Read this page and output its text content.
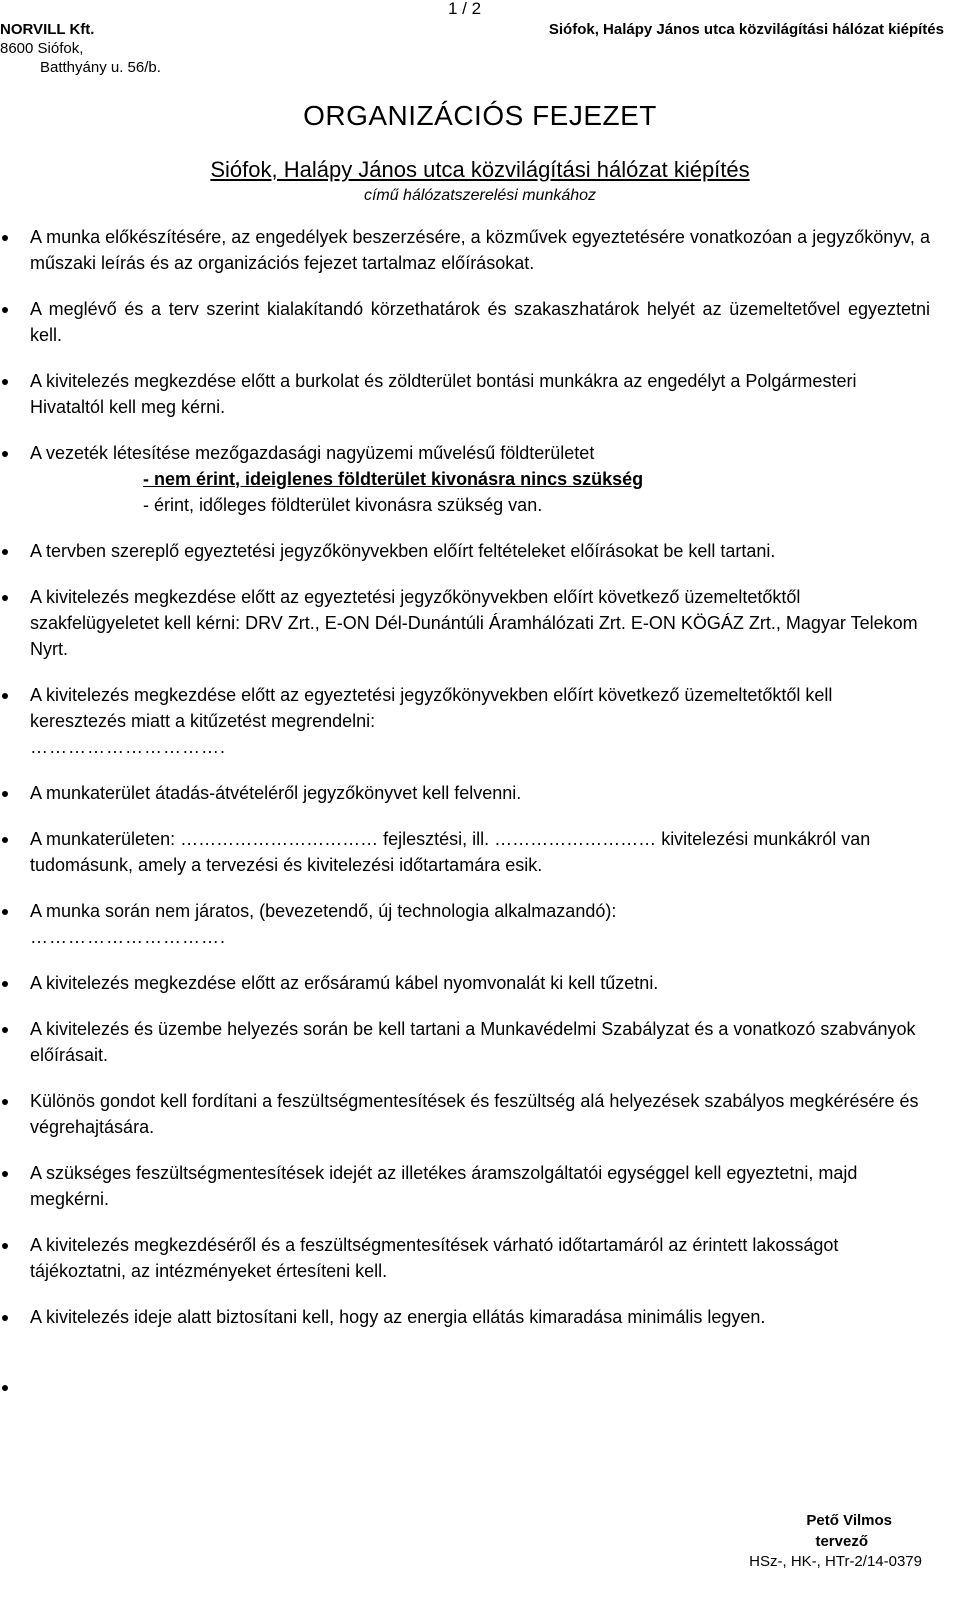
NORVILL Kft.
8600 Siófok,
Batthyány u. 56/b.
1 / 2
Siófok, Halápy János utca közvilágítási hálózat kiépítés
ORGANIZÁCIÓS FEJEZET
Siófok, Halápy János utca közvilágítási hálózat kiépítés
című hálózatszerelési munkához
A munka előkészítésére, az engedélyek beszerzésére, a közművek egyeztetésére vonatkozóan a jegyzőkönyv, a műszaki leírás és az organizációs fejezet tartalmaz előírásokat.
A meglévő és a terv szerint kialakítandó körzethatárok és szakaszhatárok helyét az üzemeltetővel egyeztetni kell.
A kivitelezés megkezdése előtt a burkolat és zöldterület bontási munkákra az engedélyt a Polgármesteri Hivataltól kell meg kérni.
A vezeték létesítése mezőgazdasági nagyüzemi művelésű földterületet
- nem érint, ideiglenes földterület kivonásra nincs szükség
- érint, időleges földterület kivonásra szükség van.
A tervben szereplő egyeztetési jegyzőkönyvekben előírt feltételeket előírásokat be kell tartani.
A kivitelezés megkezdése előtt az egyeztetési jegyzőkönyvekben előírt következő üzemeltetőktől szakfelügyeletet kell kérni: DRV Zrt., E-ON Dél-Dunántúli Áramhálózati Zrt. E-ON KÖGÁZ Zrt., Magyar Telekom Nyrt.
A kivitelezés megkezdése előtt az egyeztetési jegyzőkönyvekben előírt következő üzemeltetőktől kell keresztezés miatt a kitűzetést megrendelni:
………………………….
A munkaterület átadás-átvételéről jegyzőkönyvet kell felvenni.
A munkaterületen: …………………………… fejlesztési, ill. ……………………… kivitelezési munkákról van tudomásunk, amely a tervezési és kivitelezési időtartamára esik.
A munka során nem járatos, (bevezetendő, új technologia alkalmazandó):
………………………….
A kivitelezés megkezdése előtt az erősáramú kábel nyomvonalát ki kell tűzetni.
A kivitelezés és üzembe helyezés során be kell tartani a Munkavédelmi Szabályzat és a vonatkozó szabványok előírásait.
Különös gondot kell fordítani a feszültségmentesítések és feszültség alá helyezések szabályos megkérésére és végrehajtására.
A szükséges feszültségmentesítések idejét az illetékes áramszolgáltatói egységgel kell egyeztetni, majd megkérni.
A kivitelezés megkezdéséről és a feszültségmentesítések várható időtartamáról az érintett lakosságot tájékoztatni, az intézményeket értesíteni kell.
A kivitelezés ideje alatt biztosítani kell, hogy az energia ellátás kimaradása minimális legyen.

Pető Vilmos
tervező
HSz-, HK-, HTr-2/14-0379
